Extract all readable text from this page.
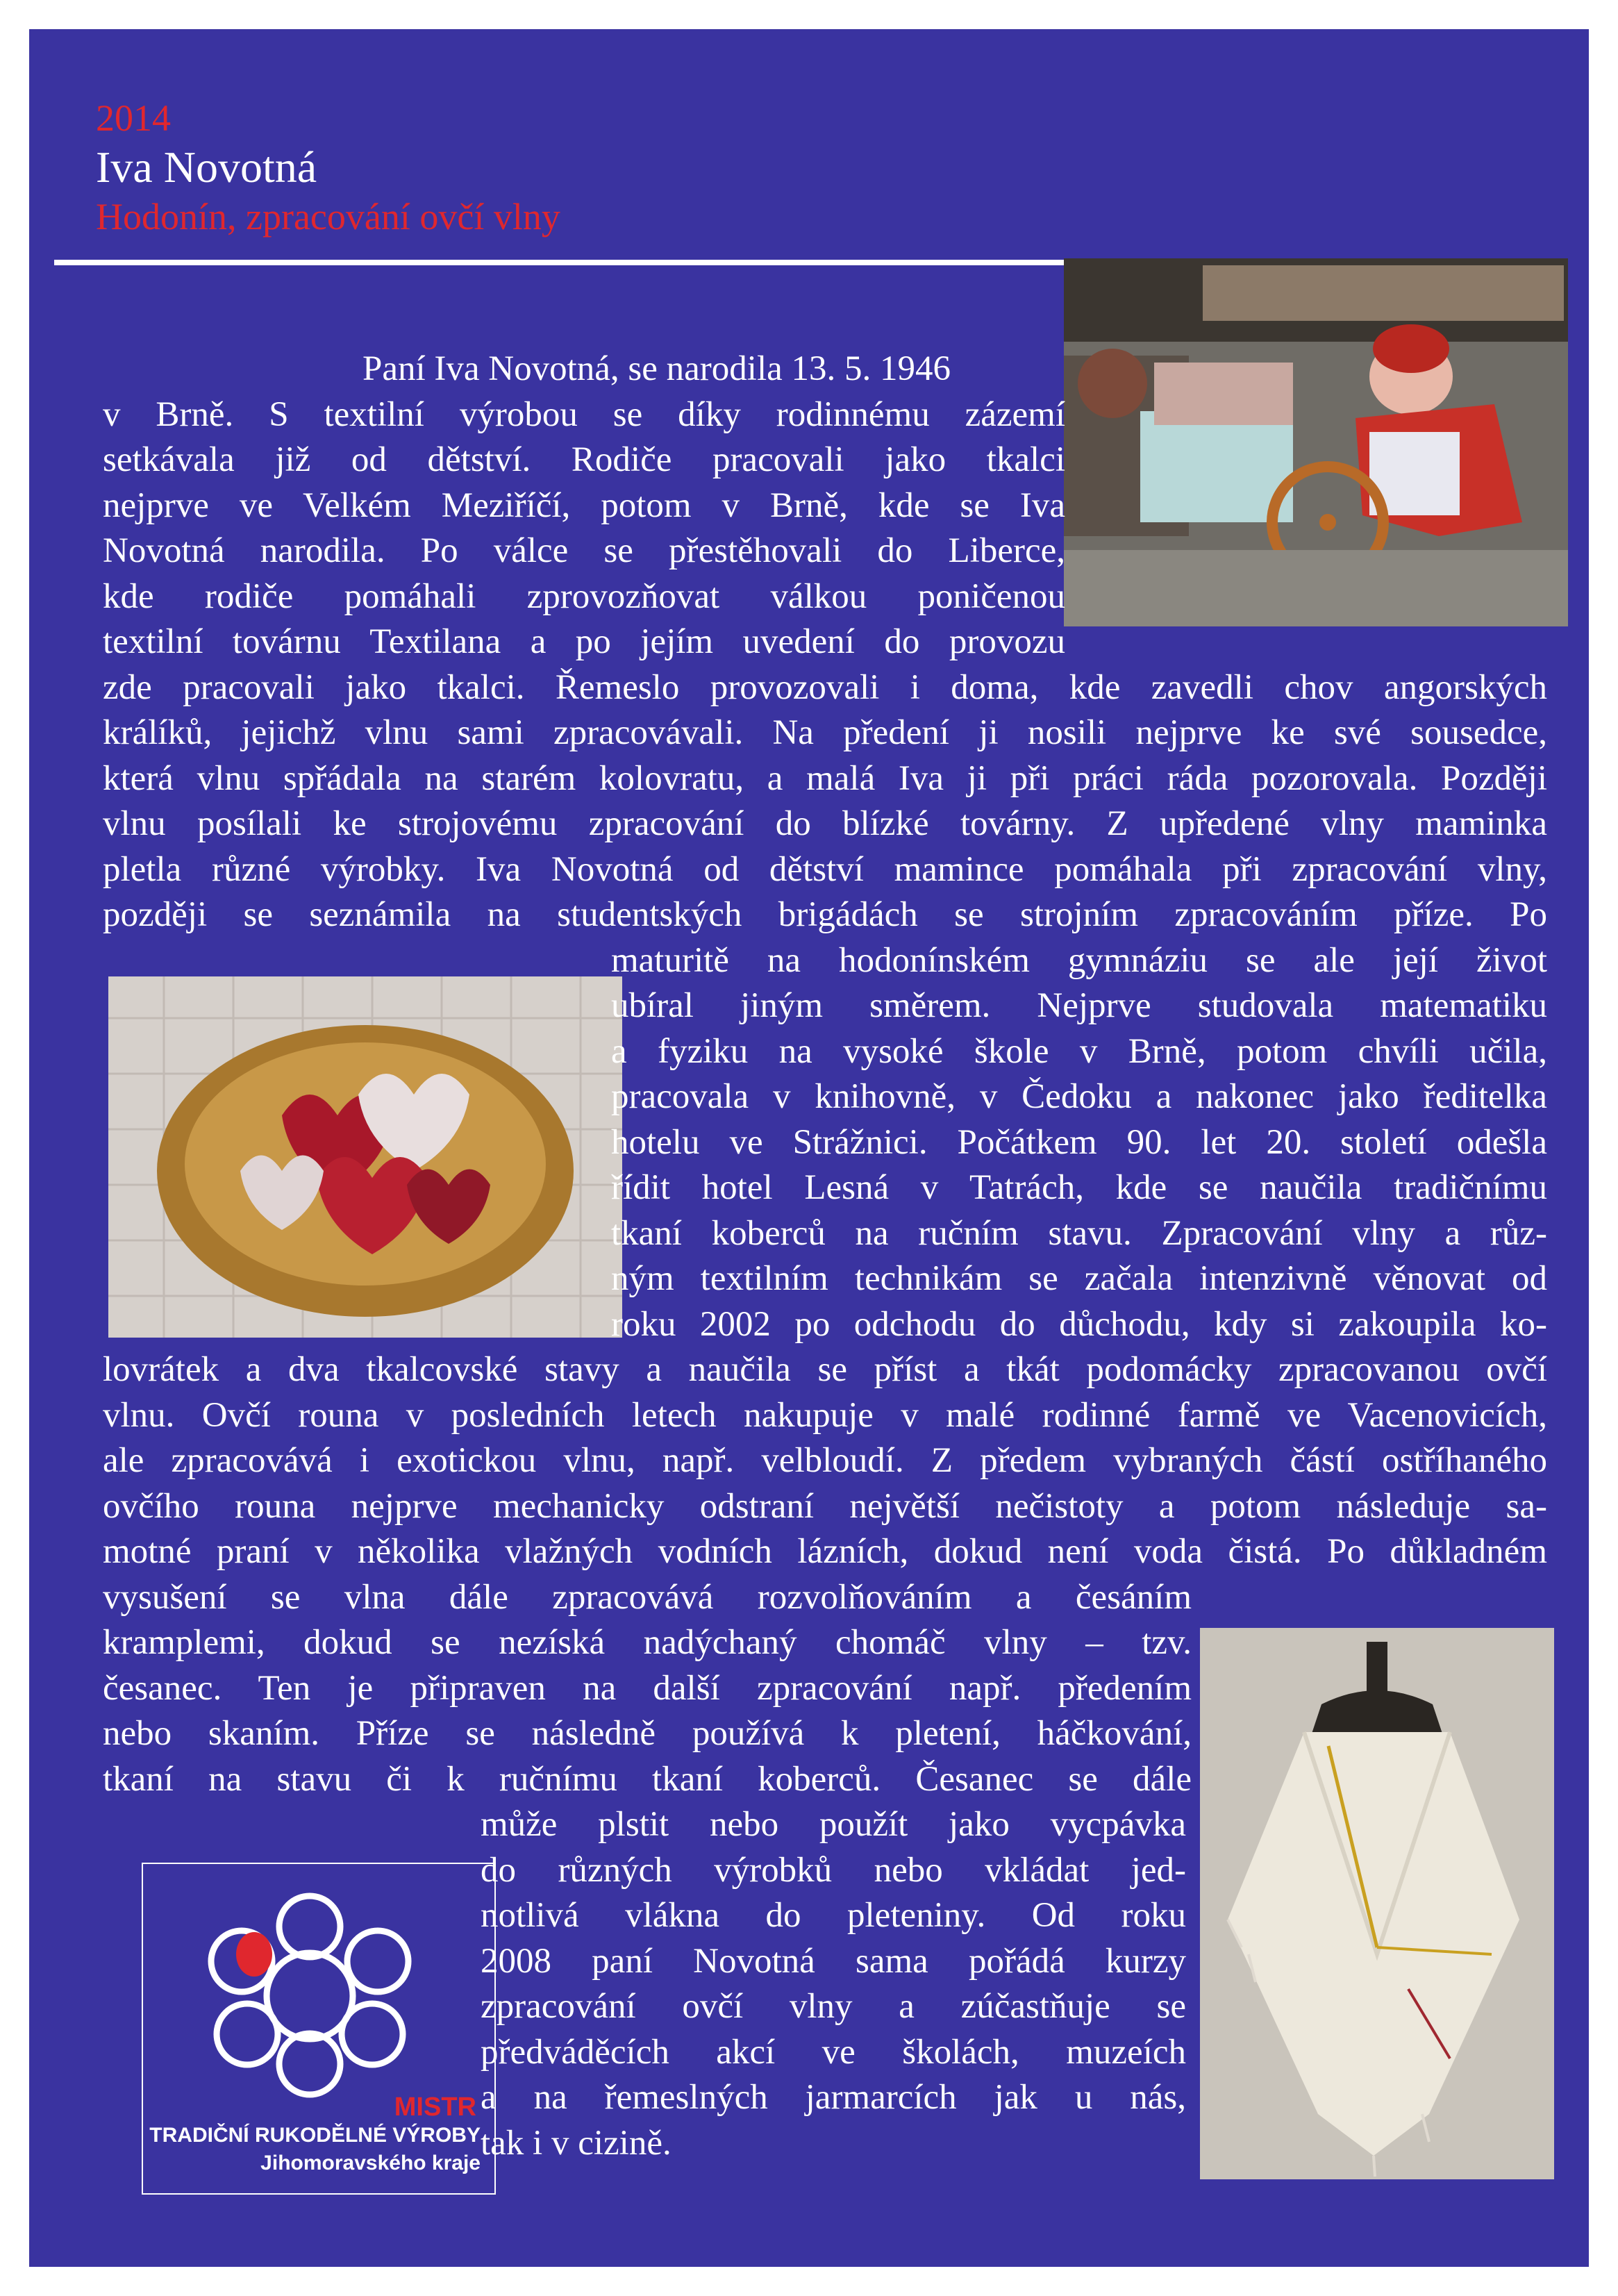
2014
Iva Novotná
Hodonín, zpracování ovčí vlny
MISTR
TRADIČNÍ RUKODĚLNÉ VÝROBY
Jihomoravského kraje
Paní Iva Novotná, se narodila 13. 5. 1946
v Brně. S textilní výrobou se díky rodinnému zázemí
setkávala již od dětství. Rodiče pracovali jako tkalci
nejprve ve Velkém Meziříčí, potom v Brně, kde se Iva
Novotná narodila. Po válce se přestěhovali do Liberce,
kde rodiče pomáhali zprovozňovat válkou poničenou
textilní továrnu Textilana a po jejím uvedení do provozu
zde pracovali jako tkalci. Řemeslo provozovali i doma, kde zavedli chov angorských
králíků, jejichž vlnu sami zpracovávali. Na předení ji nosili nejprve ke své sousedce,
která vlnu spřádala na starém kolovratu, a malá Iva ji při práci ráda pozorovala. Později
vlnu posílali ke strojovému zpracování do blízké továrny. Z upředené vlny maminka
pletla různé výrobky. Iva Novotná od dětství mamince pomáhala při zpracování vlny,
později se seznámila na studentských brigádách se strojním zpracováním příze. Po
maturitě na hodonínském gymnáziu se ale její život
ubíral jiným směrem. Nejprve studovala matematiku
a fyziku na vysoké škole v Brně, potom chvíli učila,
pracovala v knihovně, v Čedoku a nakonec jako ředitelka
hotelu ve Strážnici. Počátkem 90. let 20. století odešla
řídit hotel Lesná v Tatrách, kde se naučila tradičnímu
tkaní koberců na ručním stavu. Zpracování vlny a růz-
ným textilním technikám se začala intenzivně věnovat od
roku 2002 po odchodu do důchodu, kdy si zakoupila ko-
lovrátek a dva tkalcovské stavy a naučila se příst a tkát podomácky zpracovanou ovčí
vlnu. Ovčí rouna v posledních letech nakupuje v malé rodinné farmě ve Vacenovicích,
ale zpracovává i exotickou vlnu, např. velbloudí. Z předem vybraných částí ostříhaného
ovčího rouna nejprve mechanicky odstraní největší nečistoty a potom následuje sa-
motné praní v několika vlažných vodních lázních, dokud není voda čistá. Po důkladném
vysušení se vlna dále zpracovává rozvolňováním a česáním
kramplemi, dokud se nezíská nadýchaný chomáč vlny – tzv.
česanec. Ten je připraven na další zpracování např. předením
nebo skaním. Příze se následně používá k pletení, háčkování,
tkaní na stavu či k ručnímu tkaní koberců. Česanec se dále
může plstit nebo použít jako vycpávka
do různých výrobků nebo vkládat jed-
notlivá vlákna do pleteniny. Od roku
2008 paní Novotná sama pořádá kurzy
zpracování ovčí vlny a zúčastňuje se
předváděcích akcí ve školách, muzeích
a na řemeslných jarmarcích jak u nás,
tak i v cizině.
